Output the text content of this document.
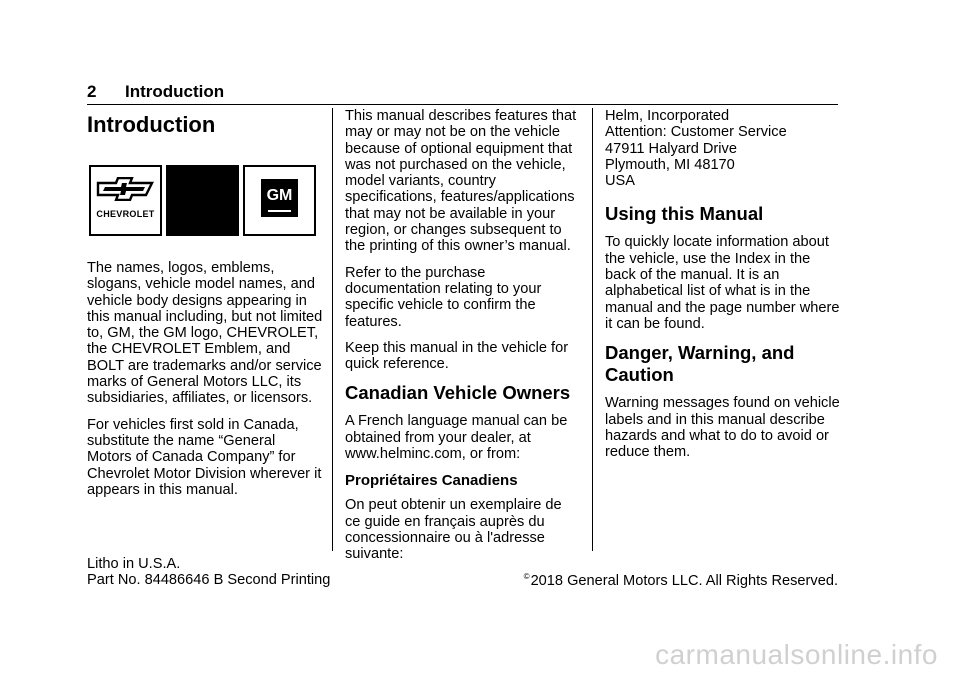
2 Introduction
Introduction
CHEVROLET
GM

The names, logos, emblems,
slogans, vehicle model names, and
vehicle body designs appearing in
this manual including, but not limited
to, GM, the GM logo, CHEVROLET,
the CHEVROLET Emblem, and
BOLT are trademarks and/or service
marks of General Motors LLC, its
subsidiaries, affiliates, or licensors.

For vehicles first sold in Canada,
substitute the name “General
Motors of Canada Company” for
Chevrolet Motor Division wherever it
appears in this manual.

This manual describes features that
may or may not be on the vehicle
because of optional equipment that
was not purchased on the vehicle,
model variants, country
specifications, features/applications
that may not be available in your
region, or changes subsequent to
the printing of this owner’s manual.

Refer to the purchase
documentation relating to your
specific vehicle to confirm the
features.

Keep this manual in the vehicle for
quick reference.

Canadian Vehicle Owners

A French language manual can be
obtained from your dealer, at
www.helminc.com, or from:

Propriétaires Canadiens

On peut obtenir un exemplaire de
ce guide en français auprès du
concessionnaire ou à l'adresse
suivante:

Helm, Incorporated
Attention: Customer Service
47911 Halyard Drive
Plymouth, MI 48170
USA

Using this Manual

To quickly locate information about
the vehicle, use the Index in the
back of the manual. It is an
alphabetical list of what is in the
manual and the page number where
it can be found.

Danger, Warning, and
Caution

Warning messages found on vehicle
labels and in this manual describe
hazards and what to do to avoid or
reduce them.

Litho in U.S.A.
Part No. 84486646 B Second Printing	©2018 General Motors LLC. All Rights Reserved.
carmanualsonline.info
